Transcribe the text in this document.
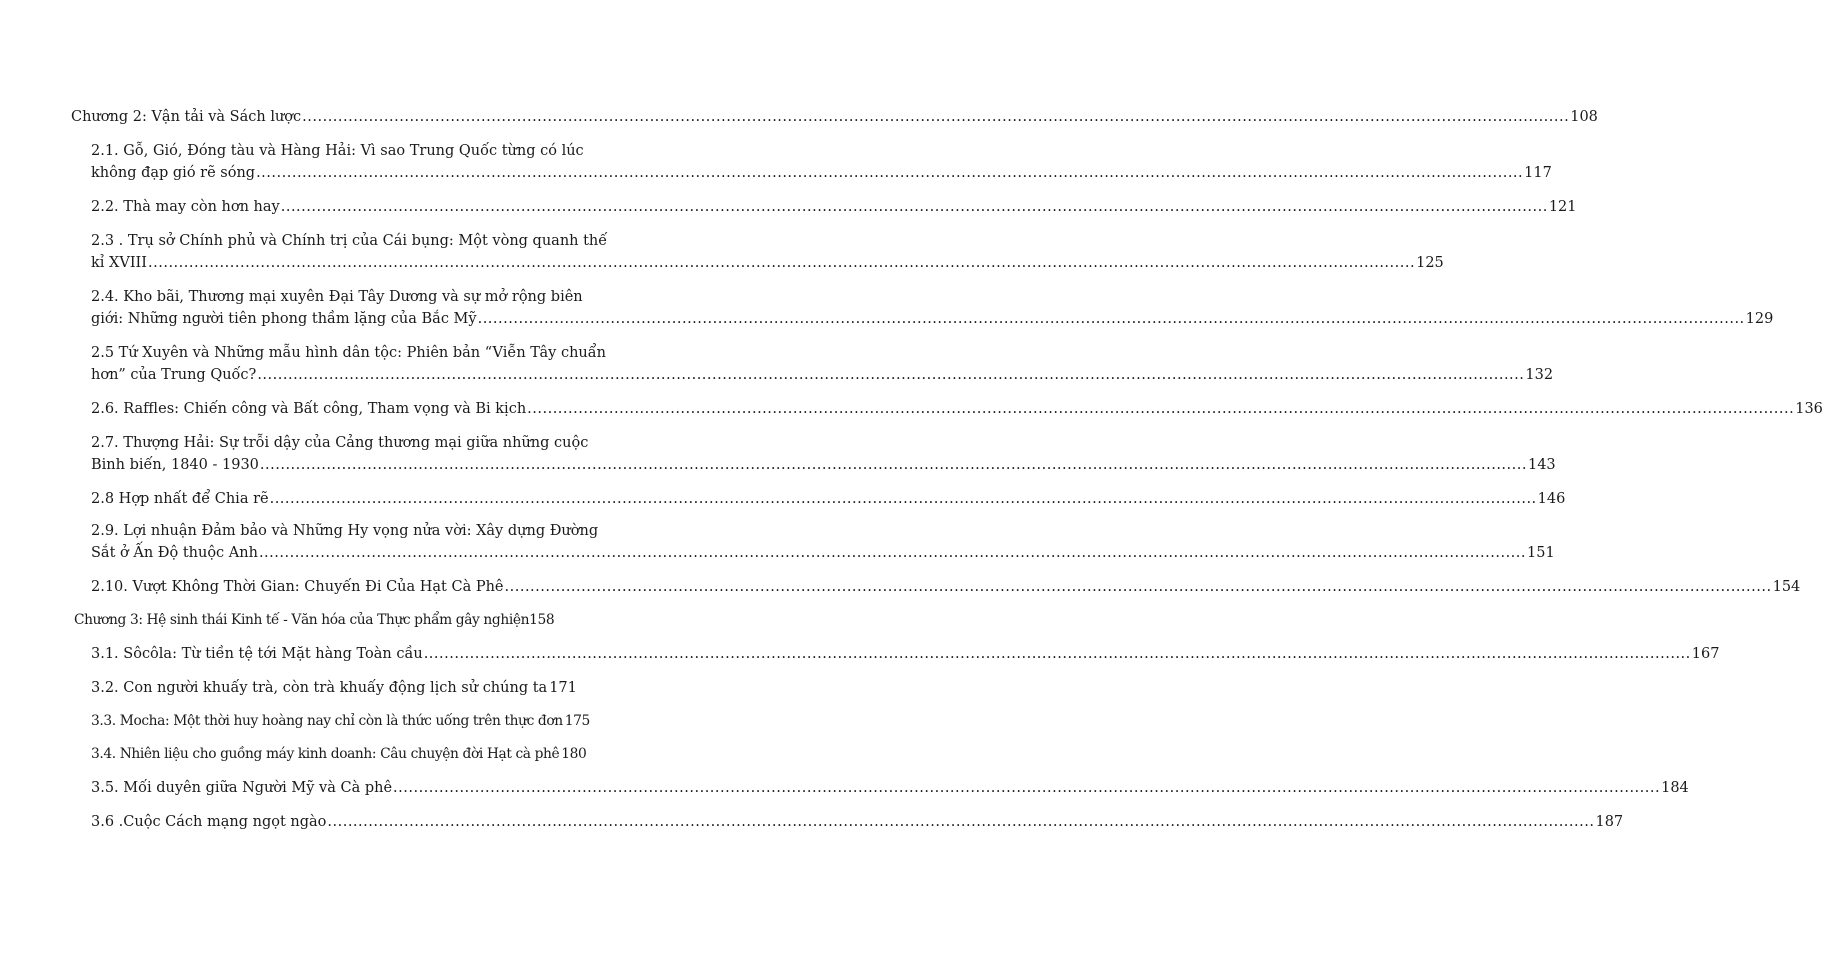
Chương 2: Vận tải và Sách lược .....	108
2.1. Gỗ, Gió, Đóng tàu và Hàng Hải: Vì sao Trung Quốc từng có lúc
không đạp gió rẽ sóng .....	117
2.2. Thà may còn hơn hay .....	121
2.3 . Trụ sở Chính phủ và Chính trị của Cái bụng: Một vòng quanh thế
kỉ XVIII .....	125
2.4. Kho bãi, Thương mại xuyên Đại Tây Dương và sự mở rộng biên
giới: Những người tiên phong thầm lặng của Bắc Mỹ .....	129
2.5 Tứ Xuyên và Những mẫu hình dân tộc: Phiên bản “Viễn Tây chuẩn
hơn” của Trung Quốc? .....	132
2.6. Raffles: Chiến công và Bất công, Tham vọng và Bi kịch .....	136
2.7. Thượng Hải: Sự trỗi dậy của Cảng thương mại giữa những cuộc
Binh biến, 1840 - 1930 .....	143
2.8 Hợp nhất để Chia rẽ .....	146
2.9. Lợi nhuận Đảm bảo và Những Hy vọng nửa vời: Xây dựng Đường
Sắt ở Ấn Độ thuộc Anh .....	151
2.10. Vượt Không Thời Gian: Chuyến Đi Của Hạt Cà Phê .....	154
Chương 3: Hệ sinh thái Kinh tế - Văn hóa của Thực phẩm gây nghiện 158
3.1. Sôcôla: Từ tiền tệ tới Mặt hàng Toàn cầu .....	167
3.2. Con người khuấy trà, còn trà khuấy động lịch sử chúng ta 171
3.3. Mocha: Một thời huy hoàng nay chỉ còn là thức uống trên thực đơn 175
3.4. Nhiên liệu cho guồng máy kinh doanh: Câu chuyện đời Hạt cà phê 180
3.5. Mối duyên giữa Người Mỹ và Cà phê .....	184
3.6 .Cuộc Cách mạng ngọt ngào .....	187
